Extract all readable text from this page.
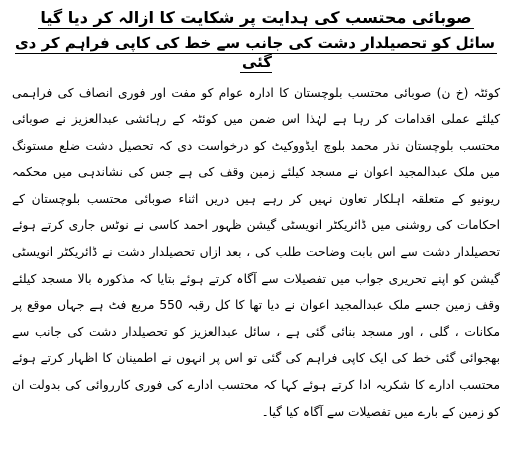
صوبائی محتسب کی ہدایت پر شکایت کا ازالہ کر دیا گیا
سائل کو تحصیلدار دشت کی جانب سے خط کی کاپی فراہم کر دی گئی

کوئٹہ (خ ن) صوبائی محتسب بلوچستان کا ادارہ عوام کو مفت اور فوری انصاف کی فراہمی کیلئے عملی اقدامات کر رہا ہے لہٰذا اس ضمن میں کوئٹہ کے رہائشی عبدالعزیز نے صوبائی محتسب بلوچستان نذر محمد بلوچ ایڈووکیٹ کو درخواست دی کہ تحصیل دشت ضلع مستونگ میں ملک عبدالمجید اعوان نے مسجد کیلئے زمین وقف کی ہے جس کی نشاندہی میں محکمہ ریونیو کے متعلقہ اہلکار تعاون نہیں کر رہے ہیں دریں اثناء صوبائی محتسب بلوچستان کے احکامات کی روشنی میں ڈائریکٹر انویسٹی گیشن ظہور احمد کاسی نے نوٹس جاری کرتے ہوئے تحصیلدار دشت سے اس بابت وضاحت طلب کی ، بعد ازاں تحصیلدار دشت نے ڈائریکٹر انویسٹی گیشن کو اپنے تحریری جواب میں تفصیلات سے آگاہ کرتے ہوئے بتایا کہ مذکورہ بالا مسجد کیلئے وقف زمین جسے ملک عبدالمجید اعوان نے دیا تھا کا کل رقبہ 550 مربع فٹ ہے جہاں موقع پر مکانات ، گلی ، اور مسجد بنائی گئی ہے ، سائل عبدالعزیز کو تحصیلدار دشت کی جانب سے بھجوائی گئی خط کی ایک کاپی فراہم کی گئی تو اس پر انہوں نے اطمینان کا اظہار کرتے ہوئے محتسب ادارے کا شکریہ ادا کرتے ہوئے کہا کہ محتسب ادارے کی فوری کارروائی کی بدولت ان کو زمین کے بارے میں تفصیلات سے آگاہ کیا گیا۔
